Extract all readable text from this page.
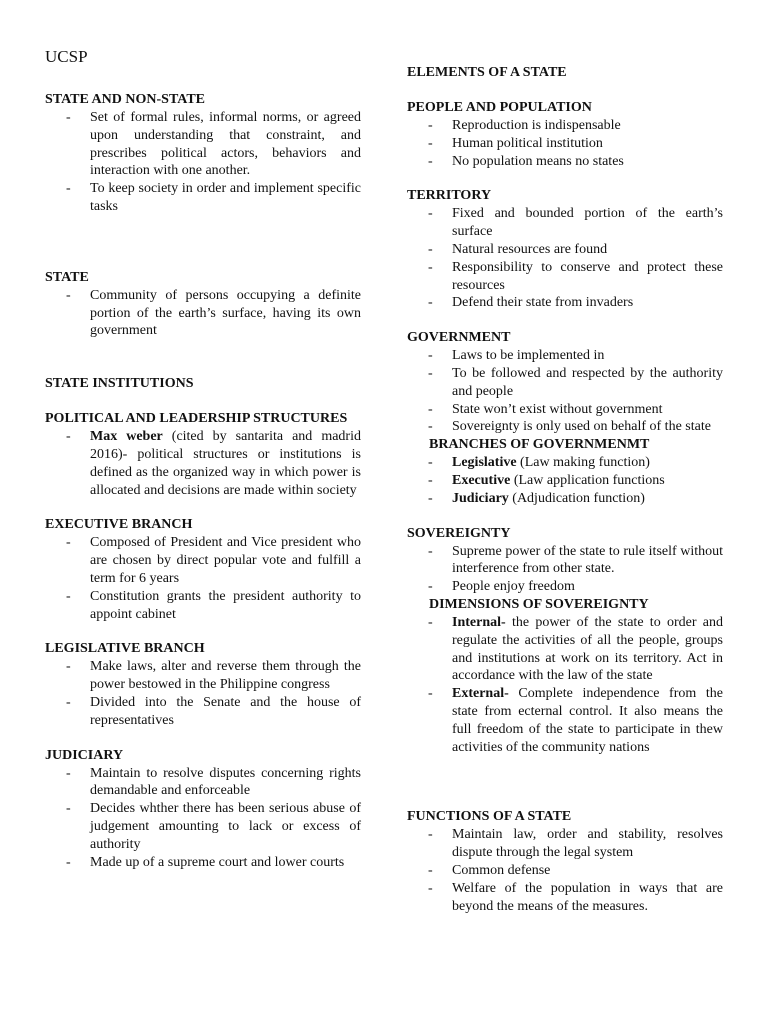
UCSP
STATE AND NON-STATE
- Set of formal rules, informal norms, or agreed upon understanding that constraint, and prescribes political actors, behaviors and interaction with one another.
- To keep society in order and implement specific tasks
STATE
- Community of persons occupying a definite portion of the earth’s surface, having its own government
STATE INSTITUTIONS
POLITICAL AND LEADERSHIP STRUCTURES
- Max weber (cited by santarita and madrid 2016)- political structures or institutions is defined as the organized way in which power is allocated and decisions are made within society
EXECUTIVE BRANCH
- Composed of President and Vice president who are chosen by direct popular vote and fulfill a term for 6 years
- Constitution grants the president authority to appoint cabinet
LEGISLATIVE BRANCH
- Make laws, alter and reverse them through the power bestowed in the Philippine congress
- Divided into the Senate and the house of representatives
JUDICIARY
- Maintain to resolve disputes concerning rights demandable and enforceable
- Decides whther there has been serious abuse of judgement amounting to lack or excess of authority
- Made up of a supreme court and lower courts
ELEMENTS OF A STATE
PEOPLE AND POPULATION
- Reproduction is indispensable
- Human political institution
- No population means no states
TERRITORY
- Fixed and bounded portion of the earth’s surface
- Natural resources are found
- Responsibility to conserve and protect these resources
- Defend their state from invaders
GOVERNMENT
- Laws to be implemented in
- To be followed and respected by the authority and people
- State won’t exist without government
- Sovereignty is only used on behalf of the state
BRANCHES OF GOVERNMENMT
- Legislative (Law making function)
- Executive (Law application functions
- Judiciary (Adjudication function)
SOVEREIGNTY
- Supreme power of the state to rule itself without interference from other state.
- People enjoy freedom
DIMENSIONS OF SOVEREIGNTY
- Internal- the power of the state to order and regulate the activities of all the people, groups and institutions at work on its territory. Act in accordance with the law of the state
- External- Complete independence from the state from ecternal control. It also means the full freedom of the state to participate in thew activities of the community nations
FUNCTIONS OF A STATE
- Maintain law, order and stability, resolves dispute through the legal system
- Common defense
- Welfare of the population in ways that are beyond the means of the measures.
